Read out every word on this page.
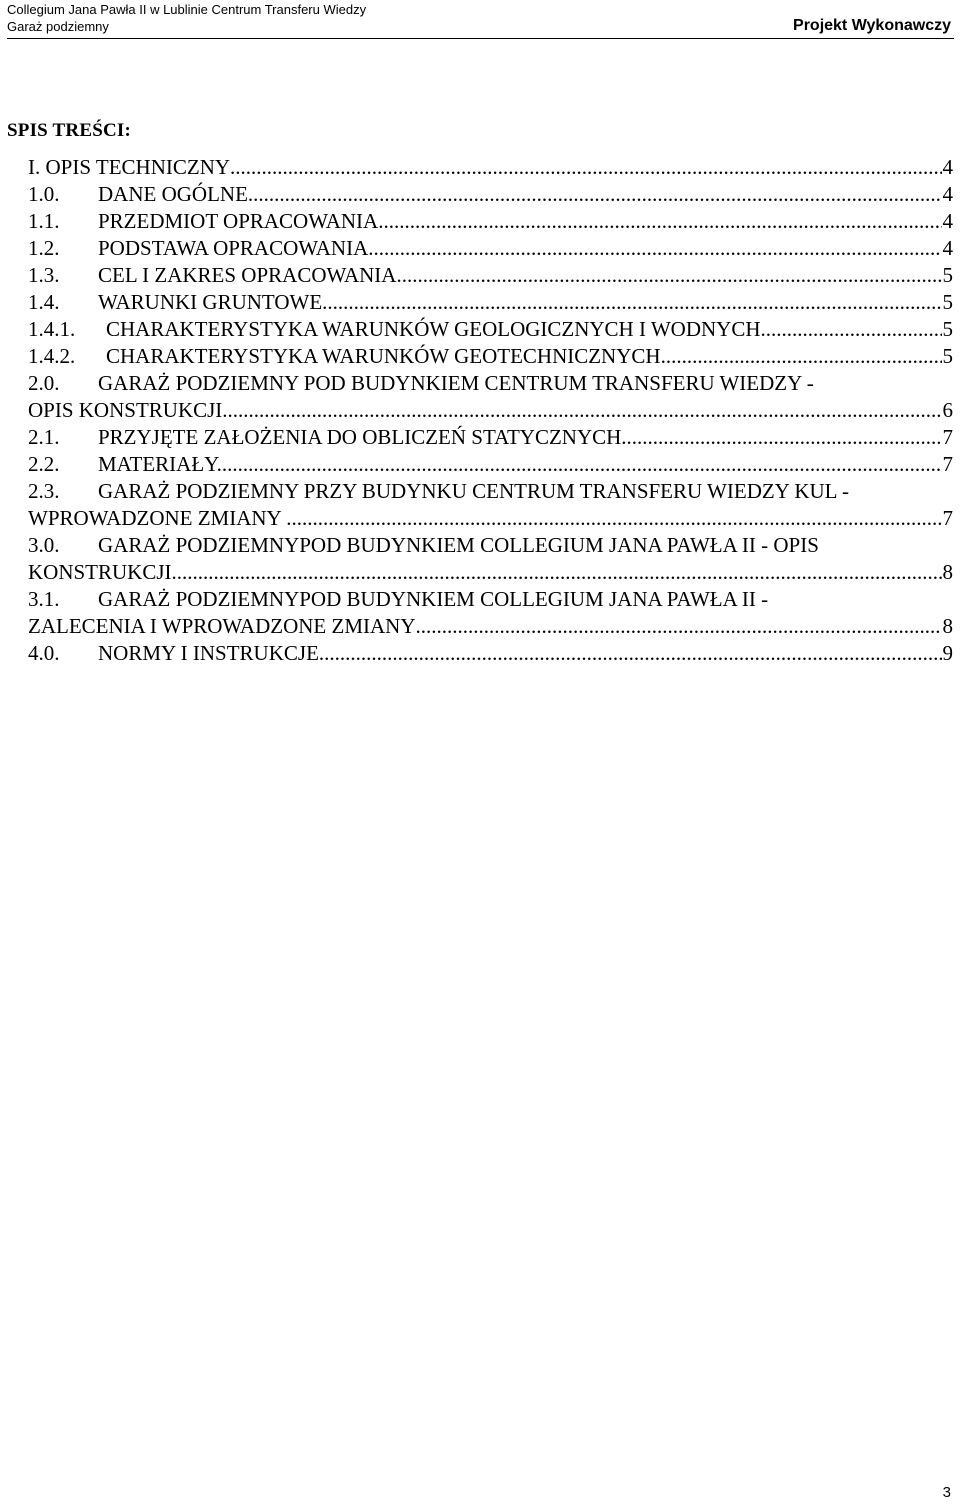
Collegium Jana Pawła II w Lublinie Centrum Transferu Wiedzy
Garaż podziemny	Projekt Wykonawczy
SPIS TREŚCI:
I.
OPIS TECHNICZNY .....	4
1.0.	DANE OGÓLNE .....	4
1.1.	PRZEDMIOT OPRACOWANIA .....	4
1.2.	PODSTAWA OPRACOWANIA. .....	4
1.3.	CEL I ZAKRES OPRACOWANIA .....	5
1.4.	WARUNKI GRUNTOWE .....	5
1.4.1.	CHARAKTERYSTYKA WARUNKÓW GEOLOGICZNYCH I WODNYCH. .....	5
1.4.2.	CHARAKTERYSTYKA WARUNKÓW GEOTECHNICZNYCH .....	5
2.0.	GARAŻ PODZIEMNY POD BUDYNKIEM CENTRUM TRANSFERU WIEDZY -
OPIS KONSTRUKCJI .....	6
2.1.	PRZYJĘTE ZAŁOŻENIA DO OBLICZEŃ STATYCZNYCH .....	7
2.2.	MATERIAŁY. .....	7
2.3.	GARAŻ PODZIEMNY PRZY BUDYNKU CENTRUM TRANSFERU WIEDZY KUL -
WPROWADZONE ZMIANY . .....	7
3.0.	GARAŻ PODZIEMNYPOD BUDYNKIEM COLLEGIUM JANA PAWŁA II - OPIS
KONSTRUKCJI. .....	8
3.1.	GARAŻ PODZIEMNYPOD BUDYNKIEM COLLEGIUM JANA PAWŁA II -
ZALECENIA I WPROWADZONE ZMIANY .....	8
4.0.	NORMY I INSTRUKCJE. .....	9
3
